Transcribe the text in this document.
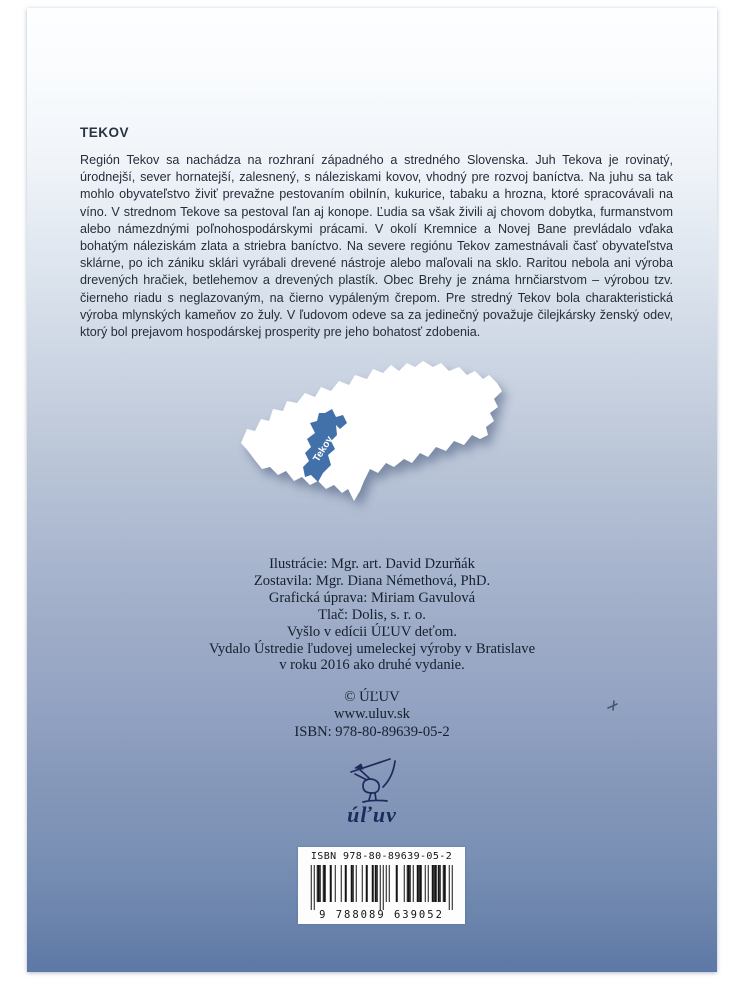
TEKOV
Región Tekov sa nachádza na rozhraní západného a stredného Slovenska. Juh Tekova je rovinatý, úrodnejší, sever hornatejší, zalesnený, s náleziskami kovov, vhodný pre rozvoj baníctva. Na juhu sa tak mohlo obyvateľstvo živiť prevažne pestovaním obilnín, kukurice, tabaku a hrozna, ktoré spracovávali na víno. V strednom Tekove sa pestoval ľan aj konope. Ľudia sa však živili aj chovom dobytka, furmanstvom alebo námezdnými poľnohospodárskymi prácami. V okolí Kremnice a Novej Bane prevládalo vďaka bohatým náleziskám zlata a striebra baníctvo. Na severe regiónu Tekov zamestnávali časť obyvateľstva sklárne, po ich zániku sklári vyrábali drevené nástroje alebo maľovali na sklo. Raritou nebola ani výroba drevených hračiek, betlehemov a drevených plastík. Obec Brehy je známa hrnčiarstvom – výrobou tzv. čierneho riadu s neglazovaným, na čierno vypáleným črepom. Pre stredný Tekov bola charakteristická výroba mlynských kameňov zo žuly. V ľudovom odeve sa za jedinečný považuje čilejkársky ženský odev, ktorý bol prejavom hospodárskej prosperity pre jeho bohatosť zdobenia.
Tekov
Ilustrácie: Mgr. art. David Dzurňák
Zostavila: Mgr. Diana Némethová, PhD.
Grafická úprava: Miriam Gavulová
Tlač: Dolis, s. r. o.
Vyšlo v edícii ÚĽUV deťom.
Vydalo Ústredie ľudovej umeleckej výroby v Bratislave
v roku 2016 ako druhé vydanie.
© ÚĽUV
www.uluv.sk
ISBN: 978-80-89639-05-2
úľuv
ISBN 978-80-89639-05-2
9 788089 639052
